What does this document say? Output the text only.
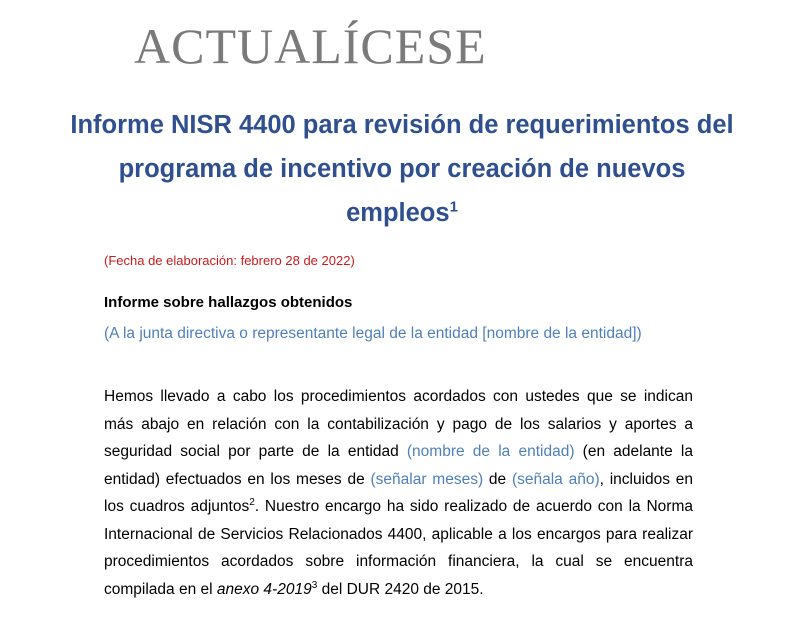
ACTUALÍCESE
Informe NISR 4400 para revisión de requerimientos del programa de incentivo por creación de nuevos empleos$^1$

(Fecha de elaboración: febrero 28 de 2022)

Informe sobre hallazgos obtenidos

(A la junta directiva o representante legal de la entidad [nombre de la entidad])

Hemos llevado a cabo los procedimientos acordados con ustedes que se indican más abajo en relación con la contabilización y pago de los salarios y aportes a seguridad social por parte de la entidad (nombre de la entidad) (en adelante la entidad) efectuados en los meses de (señalar meses) de (señala año), incluidos en los cuadros adjuntos$^2$. Nuestro encargo ha sido realizado de acuerdo con la Norma Internacional de Servicios Relacionados 4400, aplicable a los encargos para realizar procedimientos acordados sobre información financiera, la cual se encuentra compilada en el anexo 4-2019$^3$ del DUR 2420 de 2015.
